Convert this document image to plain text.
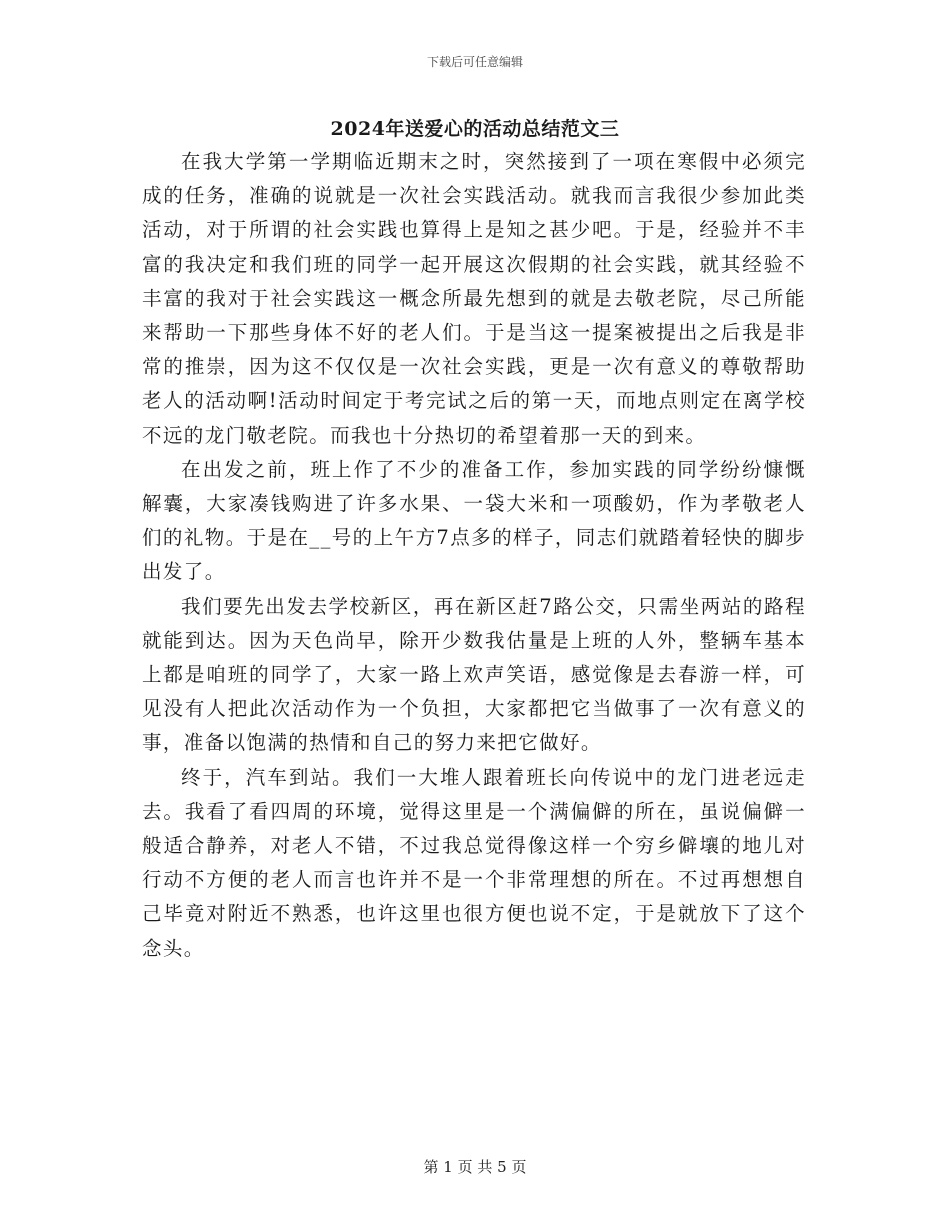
下载后可任意编辑
2024年送爱心的活动总结范文三

在我大学第一学期临近期末之时，突然接到了一项在寒假中必须完成的任务，准确的说就是一次社会实践活动。就我而言我很少参加此类活动，对于所谓的社会实践也算得上是知之甚少吧。于是，经验并不丰富的我决定和我们班的同学一起开展这次假期的社会实践，就其经验不丰富的我对于社会实践这一概念所最先想到的就是去敬老院，尽己所能来帮助一下那些身体不好的老人们。于是当这一提案被提出之后我是非常的推崇，因为这不仅仅是一次社会实践，更是一次有意义的尊敬帮助老人的活动啊!活动时间定于考完试之后的第一天，而地点则定在离学校不远的龙门敬老院。而我也十分热切的希望着那一天的到来。

在出发之前，班上作了不少的准备工作，参加实践的同学纷纷慷慨解囊，大家凑钱购进了许多水果、一袋大米和一项酸奶，作为孝敬老人们的礼物。于是在__号的上午方7点多的样子，同志们就踏着轻快的脚步出发了。

我们要先出发去学校新区，再在新区赶7路公交，只需坐两站的路程就能到达。因为天色尚早，除开少数我估量是上班的人外，整辆车基本上都是咱班的同学了，大家一路上欢声笑语，感觉像是去春游一样，可见没有人把此次活动作为一个负担，大家都把它当做事了一次有意义的事，准备以饱满的热情和自己的努力来把它做好。

终于，汽车到站。我们一大堆人跟着班长向传说中的龙门进老远走去。我看了看四周的环境，觉得这里是一个满偏僻的所在，虽说偏僻一般适合静养，对老人不错，不过我总觉得像这样一个穷乡僻壤的地儿对行动不方便的老人而言也许并不是一个非常理想的所在。不过再想想自己毕竟对附近不熟悉，也许这里也很方便也说不定，于是就放下了这个念头。

第 1 页 共 5 页
